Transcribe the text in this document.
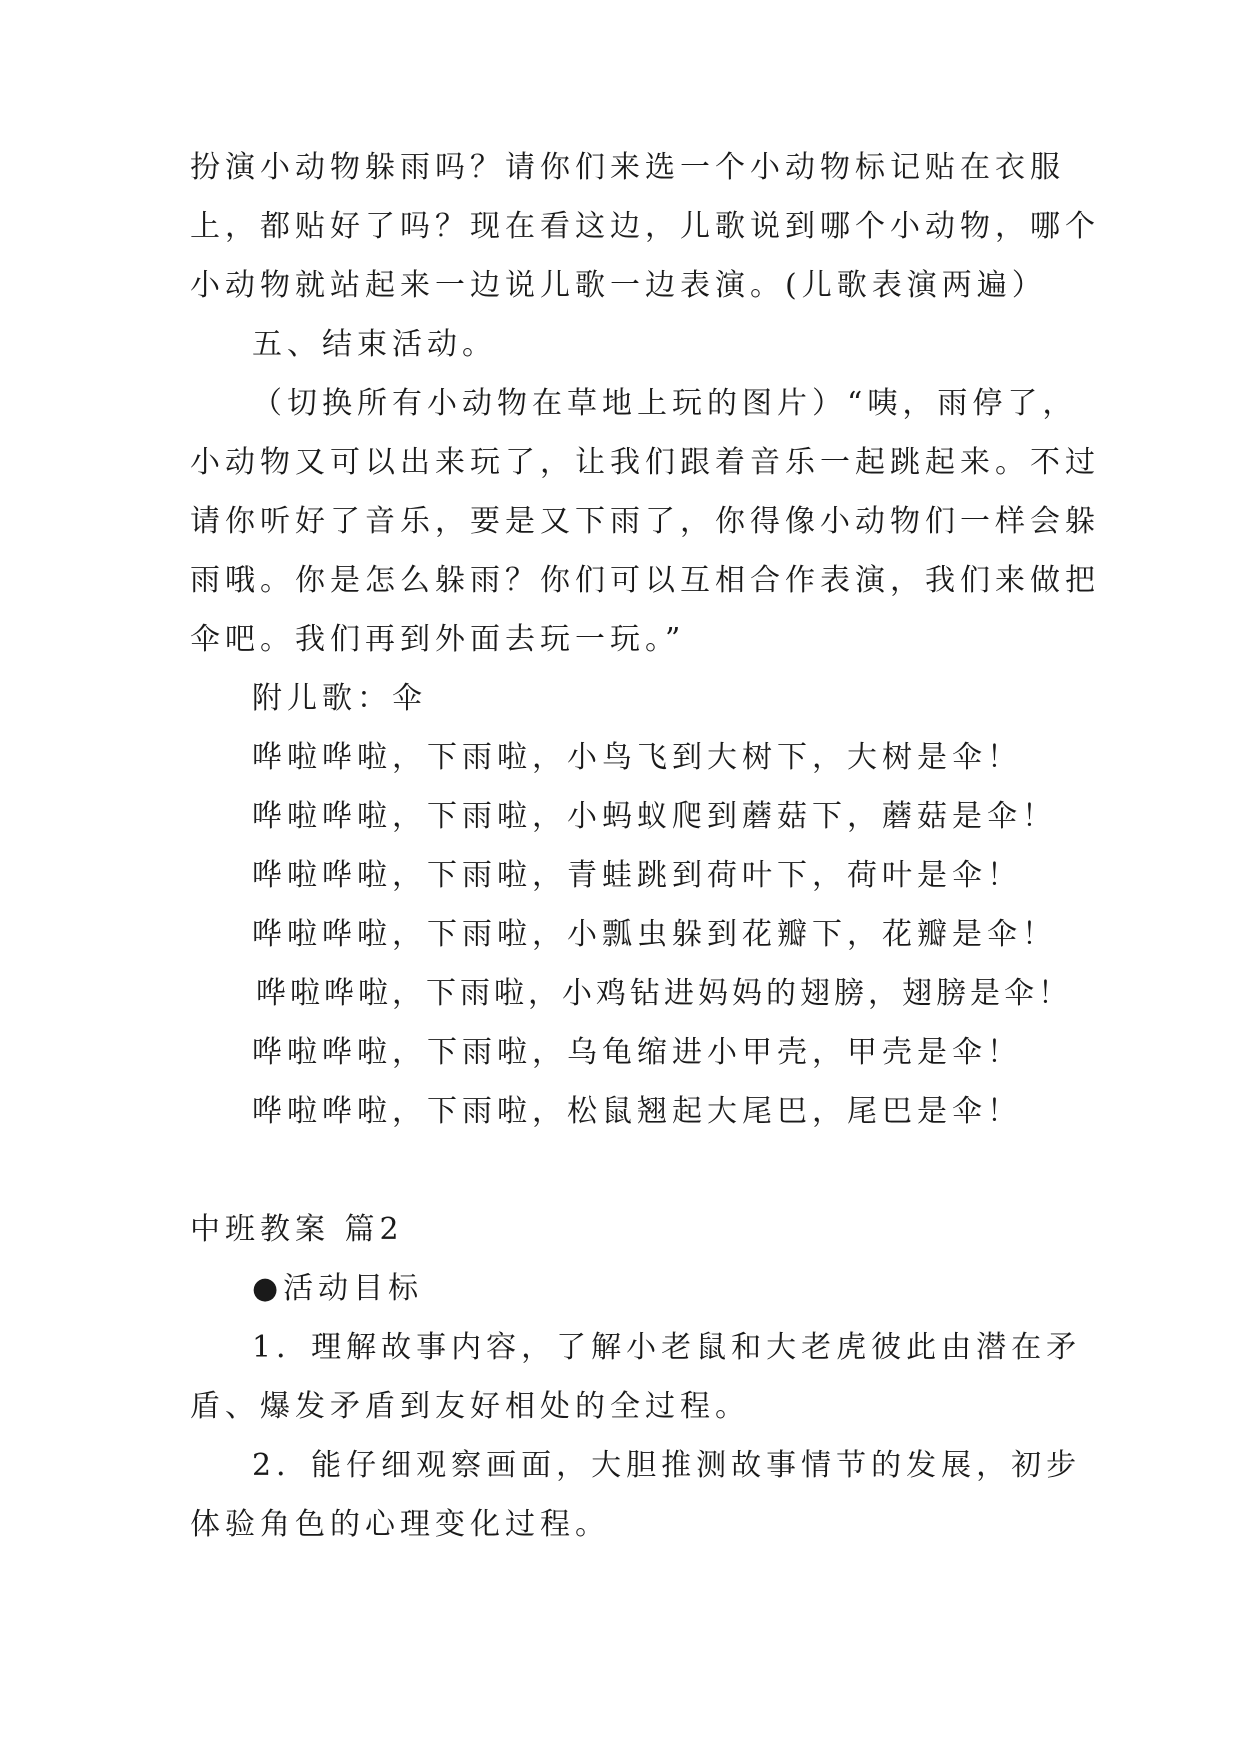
扮演小动物躲雨吗？请你们来选一个小动物标记贴在衣服
上，都贴好了吗？现在看这边，儿歌说到哪个小动物，哪个
小动物就站起来一边说儿歌一边表演。(儿歌表演两遍）
五、结束活动。
（切换所有小动物在草地上玩的图片）“咦，雨停了，
小动物又可以出来玩了，让我们跟着音乐一起跳起来。不过
请你听好了音乐，要是又下雨了，你得像小动物们一样会躲
雨哦。你是怎么躲雨？你们可以互相合作表演，我们来做把
伞吧。我们再到外面去玩一玩。”
附儿歌：伞
哗啦哗啦，下雨啦，小鸟飞到大树下，大树是伞！
哗啦哗啦，下雨啦，小蚂蚁爬到蘑菇下，蘑菇是伞！
哗啦哗啦，下雨啦，青蛙跳到荷叶下，荷叶是伞！
哗啦哗啦，下雨啦，小瓢虫躲到花瓣下，花瓣是伞！
哗啦哗啦，下雨啦，小鸡钻进妈妈的翅膀，翅膀是伞！
哗啦哗啦，下雨啦，乌龟缩进小甲壳，甲壳是伞！
哗啦哗啦，下雨啦，松鼠翘起大尾巴，尾巴是伞！
中班教案 篇2
●活动目标
1．理解故事内容，了解小老鼠和大老虎彼此由潜在矛
盾、爆发矛盾到友好相处的全过程。
2．能仔细观察画面，大胆推测故事情节的发展，初步
体验角色的心理变化过程。
